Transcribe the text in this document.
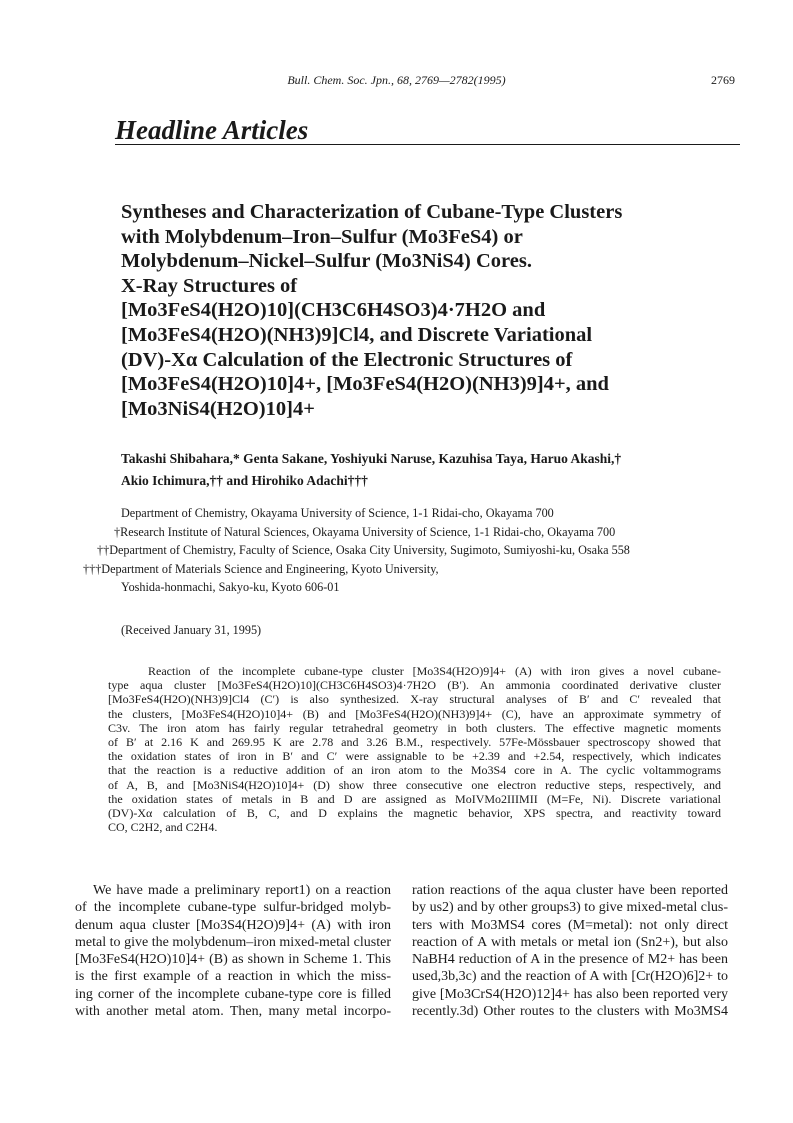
Bull. Chem. Soc. Jpn., 68, 2769—2782(1995)	2769
Headline Articles
Syntheses and Characterization of Cubane-Type Clusters
with Molybdenum–Iron–Sulfur (Mo3FeS4) or
Molybdenum–Nickel–Sulfur (Mo3NiS4) Cores.
X-Ray Structures of
[Mo3FeS4(H2O)10](CH3C6H4SO3)4·7H2O and
[Mo3FeS4(H2O)(NH3)9]Cl4, and Discrete Variational
(DV)-Xα Calculation of the Electronic Structures of
[Mo3FeS4(H2O)10]4+, [Mo3FeS4(H2O)(NH3)9]4+, and
[Mo3NiS4(H2O)10]4+
Takashi Shibahara,* Genta Sakane, Yoshiyuki Naruse, Kazuhisa Taya, Haruo Akashi,†
Akio Ichimura,†† and Hirohiko Adachi†††
Department of Chemistry, Okayama University of Science, 1-1 Ridai-cho, Okayama 700
†Research Institute of Natural Sciences, Okayama University of Science, 1-1 Ridai-cho, Okayama 700
††Department of Chemistry, Faculty of Science, Osaka City University, Sugimoto, Sumiyoshi-ku, Osaka 558
†††Department of Materials Science and Engineering, Kyoto University,
Yoshida-honmachi, Sakyo-ku, Kyoto 606-01
(Received January 31, 1995)
Reaction of the incomplete cubane-type cluster [Mo3S4(H2O)9]4+ (A) with iron gives a novel cubane-
type aqua cluster [Mo3FeS4(H2O)10](CH3C6H4SO3)4·7H2O (B′). An ammonia coordinated derivative cluster
[Mo3FeS4(H2O)(NH3)9]Cl4 (C′) is also synthesized. X-ray structural analyses of B′ and C′ revealed that
the clusters, [Mo3FeS4(H2O)10]4+ (B) and [Mo3FeS4(H2O)(NH3)9]4+ (C), have an approximate symmetry of
C3v. The iron atom has fairly regular tetrahedral geometry in both clusters. The effective magnetic moments
of B′ at 2.16 K and 269.95 K are 2.78 and 3.26 B.M., respectively. 57Fe-Mössbauer spectroscopy showed that
the oxidation states of iron in B′ and C′ were assignable to be +2.39 and +2.54, respectively, which indicates
that the reaction is a reductive addition of an iron atom to the Mo3S4 core in A. The cyclic voltammograms
of A, B, and [Mo3NiS4(H2O)10]4+ (D) show three consecutive one electron reductive steps, respectively, and
the oxidation states of metals in B and D are assigned as MoIVMo2IIIMII (M=Fe, Ni). Discrete variational
(DV)-Xα calculation of B, C, and D explains the magnetic behavior, XPS spectra, and reactivity toward
CO, C2H2, and C2H4.
We have made a preliminary report1) on a reaction
of the incomplete cubane-type sulfur-bridged molyb-
denum aqua cluster [Mo3S4(H2O)9]4+ (A) with iron
metal to give the molybdenum–iron mixed-metal cluster
[Mo3FeS4(H2O)10]4+ (B) as shown in Scheme 1. This
is the first example of a reaction in which the miss-
ing corner of the incomplete cubane-type core is filled
with another metal atom. Then, many metal incorpo-
ration reactions of the aqua cluster have been reported
by us2) and by other groups3) to give mixed-metal clus-
ters with Mo3MS4 cores (M=metal): not only direct
reaction of A with metals or metal ion (Sn2+), but also
NaBH4 reduction of A in the presence of M2+ has been
used,3b,3c) and the reaction of A with [Cr(H2O)6]2+ to
give [Mo3CrS4(H2O)12]4+ has also been reported very
recently.3d) Other routes to the clusters with Mo3MS4
